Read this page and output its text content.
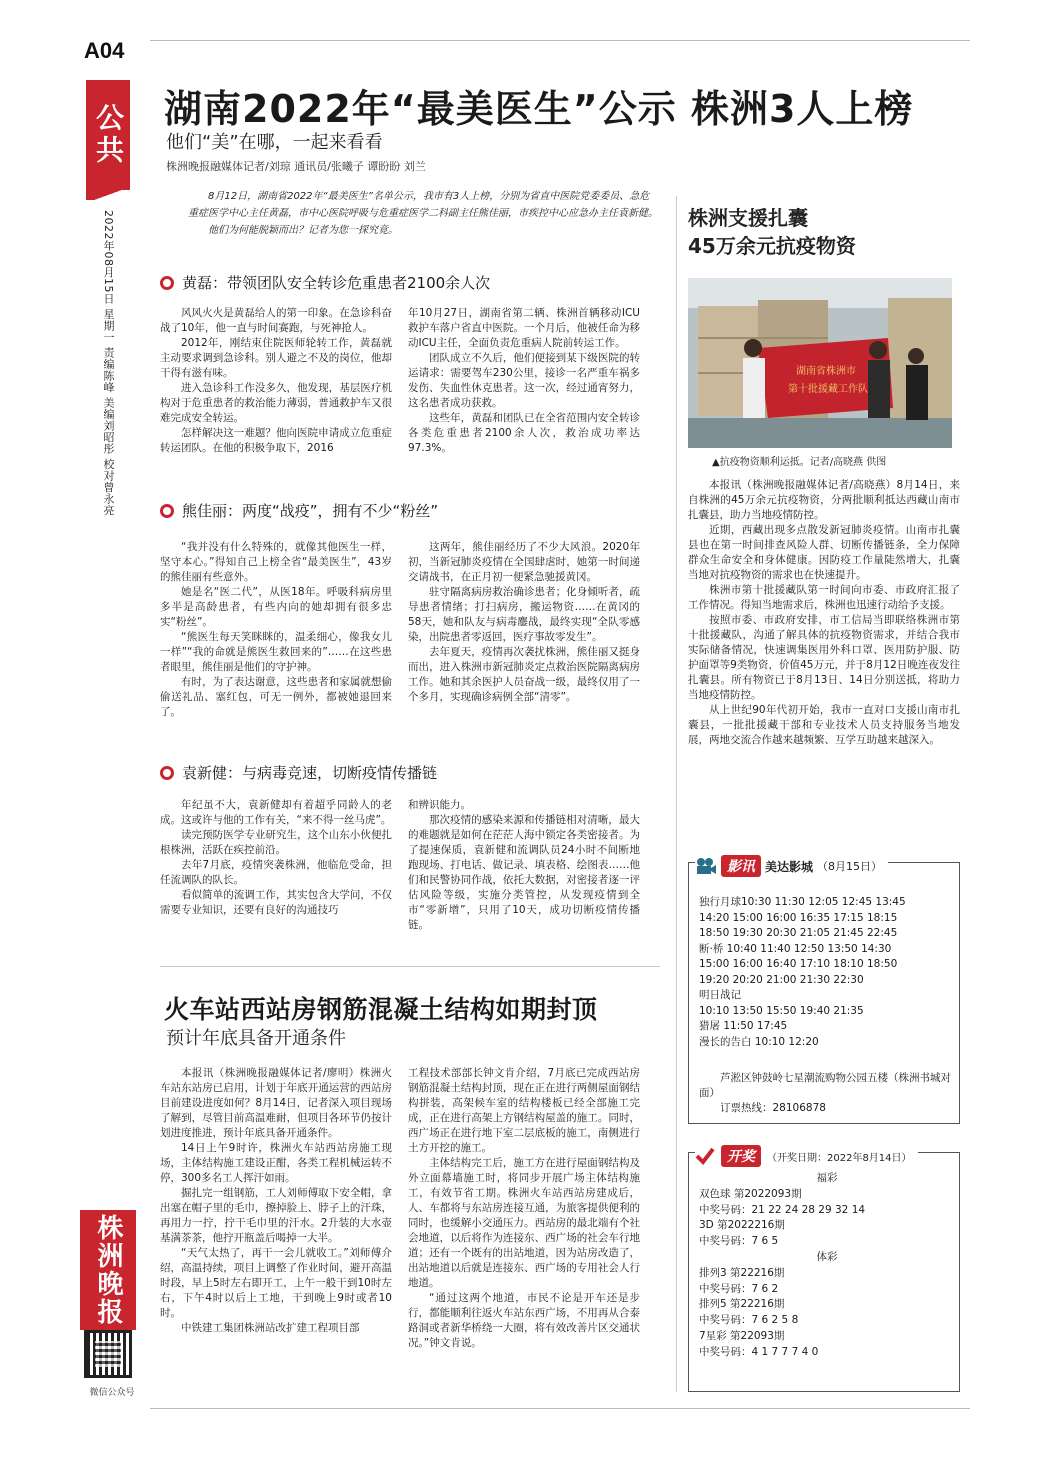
A04
公共
2022年08月15日 星期一 责编陈峰 美编刘昭彤 校对曾永亮
株洲晚报
微信公众号
湖南2022年“最美医生”公示 株洲3人上榜
他们“美”在哪，一起来看看
株洲晚报融媒体记者/刘琼 通讯员/张曦子 谭盼盼 刘兰

8月12日，湖南省2022年“最美医生”名单公示，我市有3人上榜，分别为省直中医院党委委员、急危重症医学中心主任黄磊，市中心医院呼吸与危重症医学二科副主任熊佳丽，市疾控中心应急办主任袁新健。

他们为何能脱颖而出？记者为您一探究竟。

黄磊：带领团队安全转诊危重患者2100余人次

风风火火是黄磊给人的第一印象。在急诊科奋战了10年，他一直与时间赛跑，与死神抢人。

2012年，刚结束住院医师轮转工作，黄磊就主动要求调到急诊科。别人避之不及的岗位，他却干得有滋有味。

进入急诊科工作没多久，他发现，基层医疗机构对于危重患者的救治能力薄弱，普通救护车又很难完成安全转运。

怎样解决这一难题？他向医院申请成立危重症转运团队。在他的积极争取下，2016

年10月27日，湖南省第二辆、株洲首辆移动ICU救护车落户省直中医院。一个月后，他被任命为移动ICU主任，全面负责危重病人院前转运工作。

团队成立不久后，他们便接到某下级医院的转运请求：需要驾车230公里，接诊一名严重车祸多发伤、失血性休克患者。这一次，经过通宵努力，这名患者成功获救。

这些年，黄磊和团队已在全省范围内安全转诊各类危重患者2100余人次，救治成功率达97.3%。

熊佳丽：两度“战疫”，拥有不少“粉丝”

“我并没有什么特殊的，就像其他医生一样，坚守本心。”得知自己上榜全省“最美医生”，43岁的熊佳丽有些意外。

她是名“医二代”，从医18年。呼吸科病房里多半是高龄患者，有些内向的她却拥有很多忠实“粉丝”。

“熊医生每天笑眯眯的，温柔细心，像我女儿一样”“我的命就是熊医生救回来的”……在这些患者眼里，熊佳丽是他们的守护神。

有时，为了表达谢意，这些患者和家属就想偷偷送礼品、塞红包，可无一例外，都被她退回来了。

这两年，熊佳丽经历了不少大风浪。2020年初，当新冠肺炎疫情在全国肆虐时，她第一时间递交请战书，在正月初一便紧急驰援黄冈。

驻守隔离病房救治确诊患者；化身倾听者，疏导患者情绪；打扫病房，搬运物资……在黄冈的58天，她和队友与病毒鏖战，最终实现“全队零感染，出院患者零返回，医疗事故零发生”。

去年夏天，疫情再次袭扰株洲，熊佳丽又挺身而出，进入株洲市新冠肺炎定点救治医院隔离病房工作。她和其余医护人员奋战一级，最终仅用了一个多月，实现确诊病例全部“清零”。

袁新健：与病毒竞速，切断疫情传播链

年纪虽不大，袁新健却有着超乎同龄人的老成。这或许与他的工作有关，“来不得一丝马虎”。

读完预防医学专业研究生，这个山东小伙便扎根株洲，活跃在疾控前沿。

去年7月底，疫情突袭株洲，他临危受命，担任流调队的队长。

看似简单的流调工作，其实包含大学问，不仅需要专业知识，还要有良好的沟通技巧

和辨识能力。

那次疫情的感染来源和传播链相对清晰，最大的难题就是如何在茫茫人海中锁定各类密接者。为了提速保质，袁新健和流调队员24小时不间断地跑现场、打电话、做记录、填表格、绘图表……他们和民警协同作战，依托大数据，对密接者逐一评估风险等级，实施分类管控，从发现疫情到全市“零新增”，只用了10天，成功切断疫情传播链。

株洲支援扎囊
45万余元抗疫物资
湖南省株洲市
第十批援藏工作队
▲抗疫物资顺利运抵。记者/高晓燕 供图

本报讯（株洲晚报融媒体记者/高晓燕）8月14日，来自株洲的45万余元抗疫物资，分两批顺利抵达西藏山南市扎囊县，助力当地疫情防控。

近期，西藏出现多点散发新冠肺炎疫情。山南市扎囊县也在第一时间排查风险人群、切断传播链条，全力保障群众生命安全和身体健康。因防疫工作量陡然增大，扎囊当地对抗疫物资的需求也在快速提升。

株洲市第十批援藏队第一时间向市委、市政府汇报了工作情况。得知当地需求后，株洲也迅速行动给予支援。

按照市委、市政府安排，市工信局当即联络株洲市第十批援藏队，沟通了解具体的抗疫物资需求，并结合我市实际储备情况，快速调集医用外科口罩、医用防护服、防护面罩等9类物资，价值45万元，并于8月12日晚连夜发往扎囊县。所有物资已于8月13日、14日分别送抵，将助力当地疫情防控。

从上世纪90年代初开始，我市一直对口支援山南市扎囊县，一批批援藏干部和专业技术人员支持服务当地发展，两地交流合作越来越频繁、互学互助越来越深入。

影讯 美达影城 （8月15日）
独行月球10:30 11:30 12:05 12:45 13:45
14:20 15:00 16:00 16:35 17:15 18:15
18:50 19:30 20:30 21:05 21:45 22:45
断·桥 10:40 11:40 12:50 13:50 14:30
15:00 16:00 16:40 17:10 18:10 18:50
19:20 20:20 21:00 21:30 22:30
明日战记
10:10 13:50 15:50 19:40 21:35
猎屠 11:50 17:45
漫长的告白 10:10 12:20
芦淞区钟鼓岭七星潮流购物公园五楼（株洲书城对面）
订票热线：28106878
开奖	（开奖日期：2022年8月14日）
福彩
双色球 第2022093期
中奖号码：21 22 24 28 29 32 14
3D 第2022216期
中奖号码：7 6 5
体彩
排列3 第22216期
中奖号码：7 6 2
排列5 第22216期
中奖号码：7 6 2 5 8
7星彩 第22093期
中奖号码：4 1 7 7 7 4 0
火车站西站房钢筋混凝土结构如期封顶
预计年底具备开通条件

本报讯（株洲晚报融媒体记者/廖明）株洲火车站东站房已启用，计划于年底开通运营的西站房目前建设进度如何？8月14日，记者深入项目现场了解到，尽管目前高温难耐，但项目各环节仍按计划进度推进，预计年底具备开通条件。

14日上午9时许，株洲火车站西站房施工现场，主体结构施工建设正酣，各类工程机械运转不停，300多名工人挥汗如雨。

掘扎完一组钢筋，工人刘师傅取下安全帽，拿出塞在帽子里的毛巾，擦掉脸上、脖子上的汗珠，再用力一拧，拧干毛巾里的汗水。2升装的大水壶基满茶茶，他拧开瓶盖后喝掉一大半。

“天气太热了，再干一会儿就收工。”刘师傅介绍，高温持续，项目上调整了作业时间，避开高温时段，早上5时左右即开工，上午一般干到10时左右，下午4时以后上工地，干到晚上9时或者10时。

中铁建工集团株洲站改扩建工程项目部

工程技术部部长钟文肯介绍，7月底已完成西站房钢筋混凝土结构封顶，现在正在进行两侧屋面钢结构拼装，高架候车室的结构楼板已经全部施工完成，正在进行高架上方钢结构屋盖的施工。同时，西广场正在进行地下室二层底板的施工，南侧进行土方开挖的施工。

主体结构完工后，施工方在进行屋面钢结构及外立面幕墙施工时，将同步开展广场主体结构施工，有效节省工期。株洲火车站西站房建成后，人、车都将与东站房连接互通，为旅客提供便利的同时，也缓解小交通压力。西站房的最北端有个社会地道，以后将作为连接东、西广场的社会车行地道；还有一个既有的出站地道，因为站房改造了，出站地道以后就是连接东、西广场的专用社会人行地道。

“通过这两个地道，市民不论是开车还是步行，都能顺利往返火车站东西广场，不用再从合泰路洞或者新华桥绕一大圈，将有效改善片区交通状况。”钟文肯说。
